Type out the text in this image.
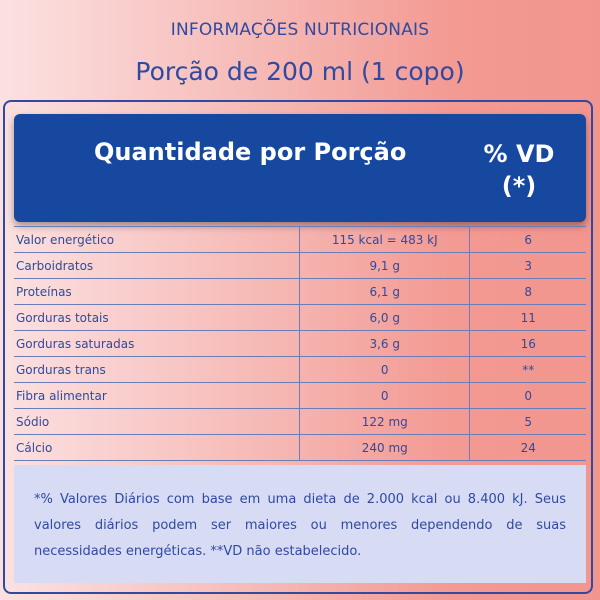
INFORMAÇÕES NUTRICIONAIS
Porção de 200 ml (1 copo)
Quantidade por Porção	% VD
(*)
Valor energético	115 kcal = 483 kJ	6
Carboidratos	9,1 g	3
Proteínas	6,1 g	8
Gorduras totais	6,0 g	11
Gorduras saturadas	3,6 g	16
Gorduras trans	0	**
Fibra alimentar	0	0
Sódio	122 mg	5
Cálcio	240 mg	24
*% Valores Diários com base em uma dieta de 2.000 kcal ou 8.400 kJ. Seus valores diários podem ser maiores ou menores dependendo de suas necessidades energéticas. **VD não estabelecido.
